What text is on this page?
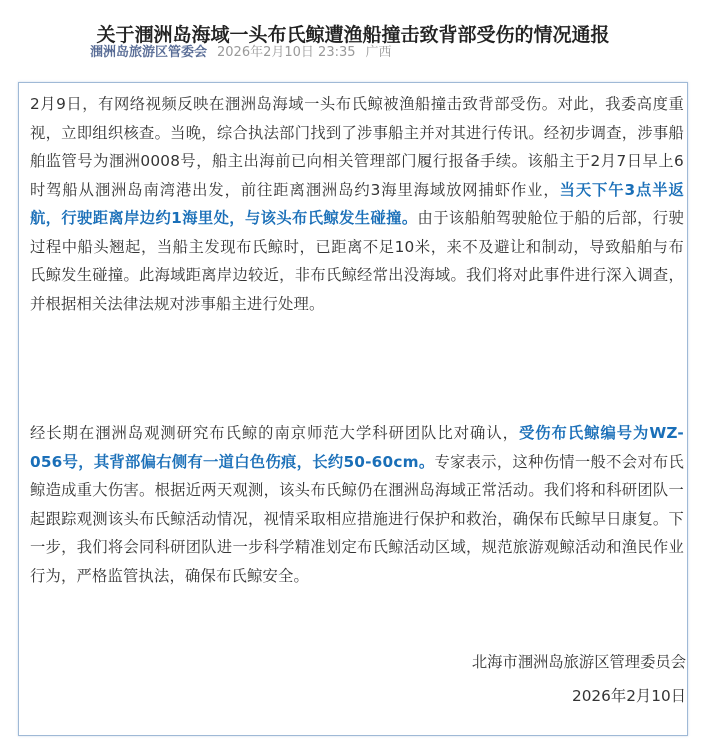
关于涠洲岛海域一头布氏鲸遭渔船撞击致背部受伤的情况通报
涠洲岛旅游区管委会 2026年2月10日 23:35 广西

2月9日，有网络视频反映在涠洲岛海域一头布氏鲸被渔船撞击致背部受伤。对此，我委高度重视，立即组织核查。当晚，综合执法部门找到了涉事船主并对其进行传讯。经初步调查，涉事船舶监管号为涠洲0008号，船主出海前已向相关管理部门履行报备手续。该船主于2月7日早上6时驾船从涠洲岛南湾港出发，前往距离涠洲岛约3海里海域放网捕虾作业，当天下午3点半返航，行驶距离岸边约1海里处，与该头布氏鲸发生碰撞。由于该船舶驾驶舱位于船的后部，行驶过程中船头翘起，当船主发现布氏鲸时，已距离不足10米，来不及避让和制动，导致船舶与布氏鲸发生碰撞。此海域距离岸边较近，非布氏鲸经常出没海域。我们将对此事件进行深入调查，并根据相关法律法规对涉事船主进行处理。

经长期在涠洲岛观测研究布氏鲸的南京师范大学科研团队比对确认，受伤布氏鲸编号为WZ-056号，其背部偏右侧有一道白色伤痕，长约50-60cm。专家表示，这种伤情一般不会对布氏鲸造成重大伤害。根据近两天观测，该头布氏鲸仍在涠洲岛海域正常活动。我们将和科研团队一起跟踪观测该头布氏鲸活动情况，视情采取相应措施进行保护和救治，确保布氏鲸早日康复。下一步，我们将会同科研团队进一步科学精准划定布氏鲸活动区域，规范旅游观鲸活动和渔民作业行为，严格监管执法，确保布氏鲸安全。

北海市涠洲岛旅游区管理委员会
2026年2月10日
